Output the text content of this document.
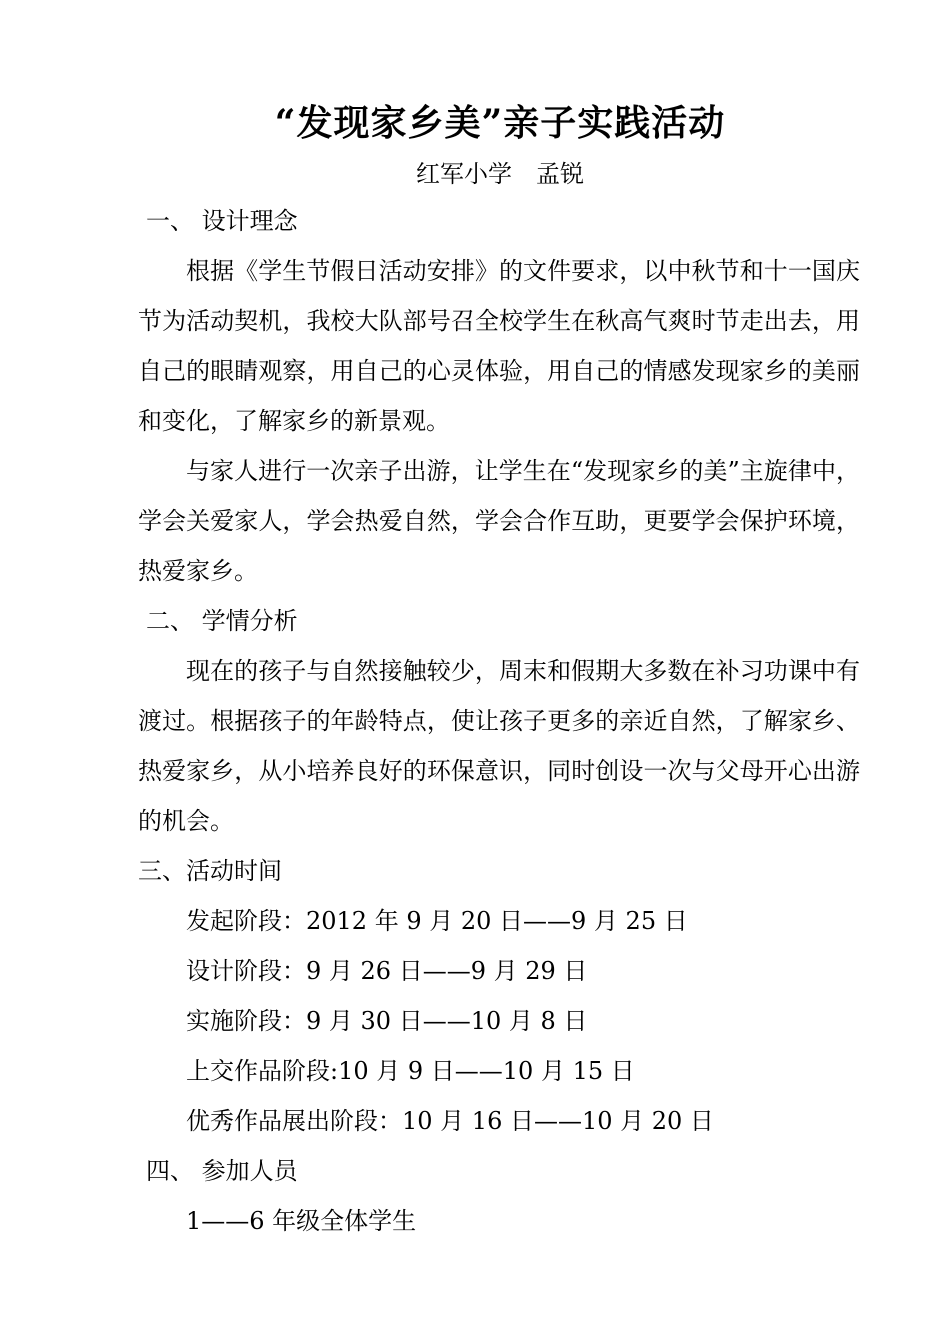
“发现家乡美”亲子实践活动
红军小学　孟锐
一、 设计理念
根据《学生节假日活动安排》的文件要求，以中秋节和十一国庆节为活动契机，我校大队部号召全校学生在秋高气爽时节走出去，用自己的眼睛观察，用自己的心灵体验，用自己的情感发现家乡的美丽和变化，了解家乡的新景观。
与家人进行一次亲子出游，让学生在“发现家乡的美”主旋律中，学会关爱家人，学会热爱自然，学会合作互助，更要学会保护环境，热爱家乡。
二、 学情分析
现在的孩子与自然接触较少，周末和假期大多数在补习功课中有渡过。根据孩子的年龄特点，使让孩子更多的亲近自然，了解家乡、热爱家乡，从小培养良好的环保意识，同时创设一次与父母开心出游的机会。
三、活动时间
发起阶段：2012 年 9 月 20 日——9 月 25 日
设计阶段：9 月 26 日——9 月 29 日
实施阶段：9 月 30 日——10 月 8 日
上交作品阶段:10 月 9 日——10 月 15 日
优秀作品展出阶段：10 月 16 日——10 月 20 日
四、 参加人员
1——6 年级全体学生
